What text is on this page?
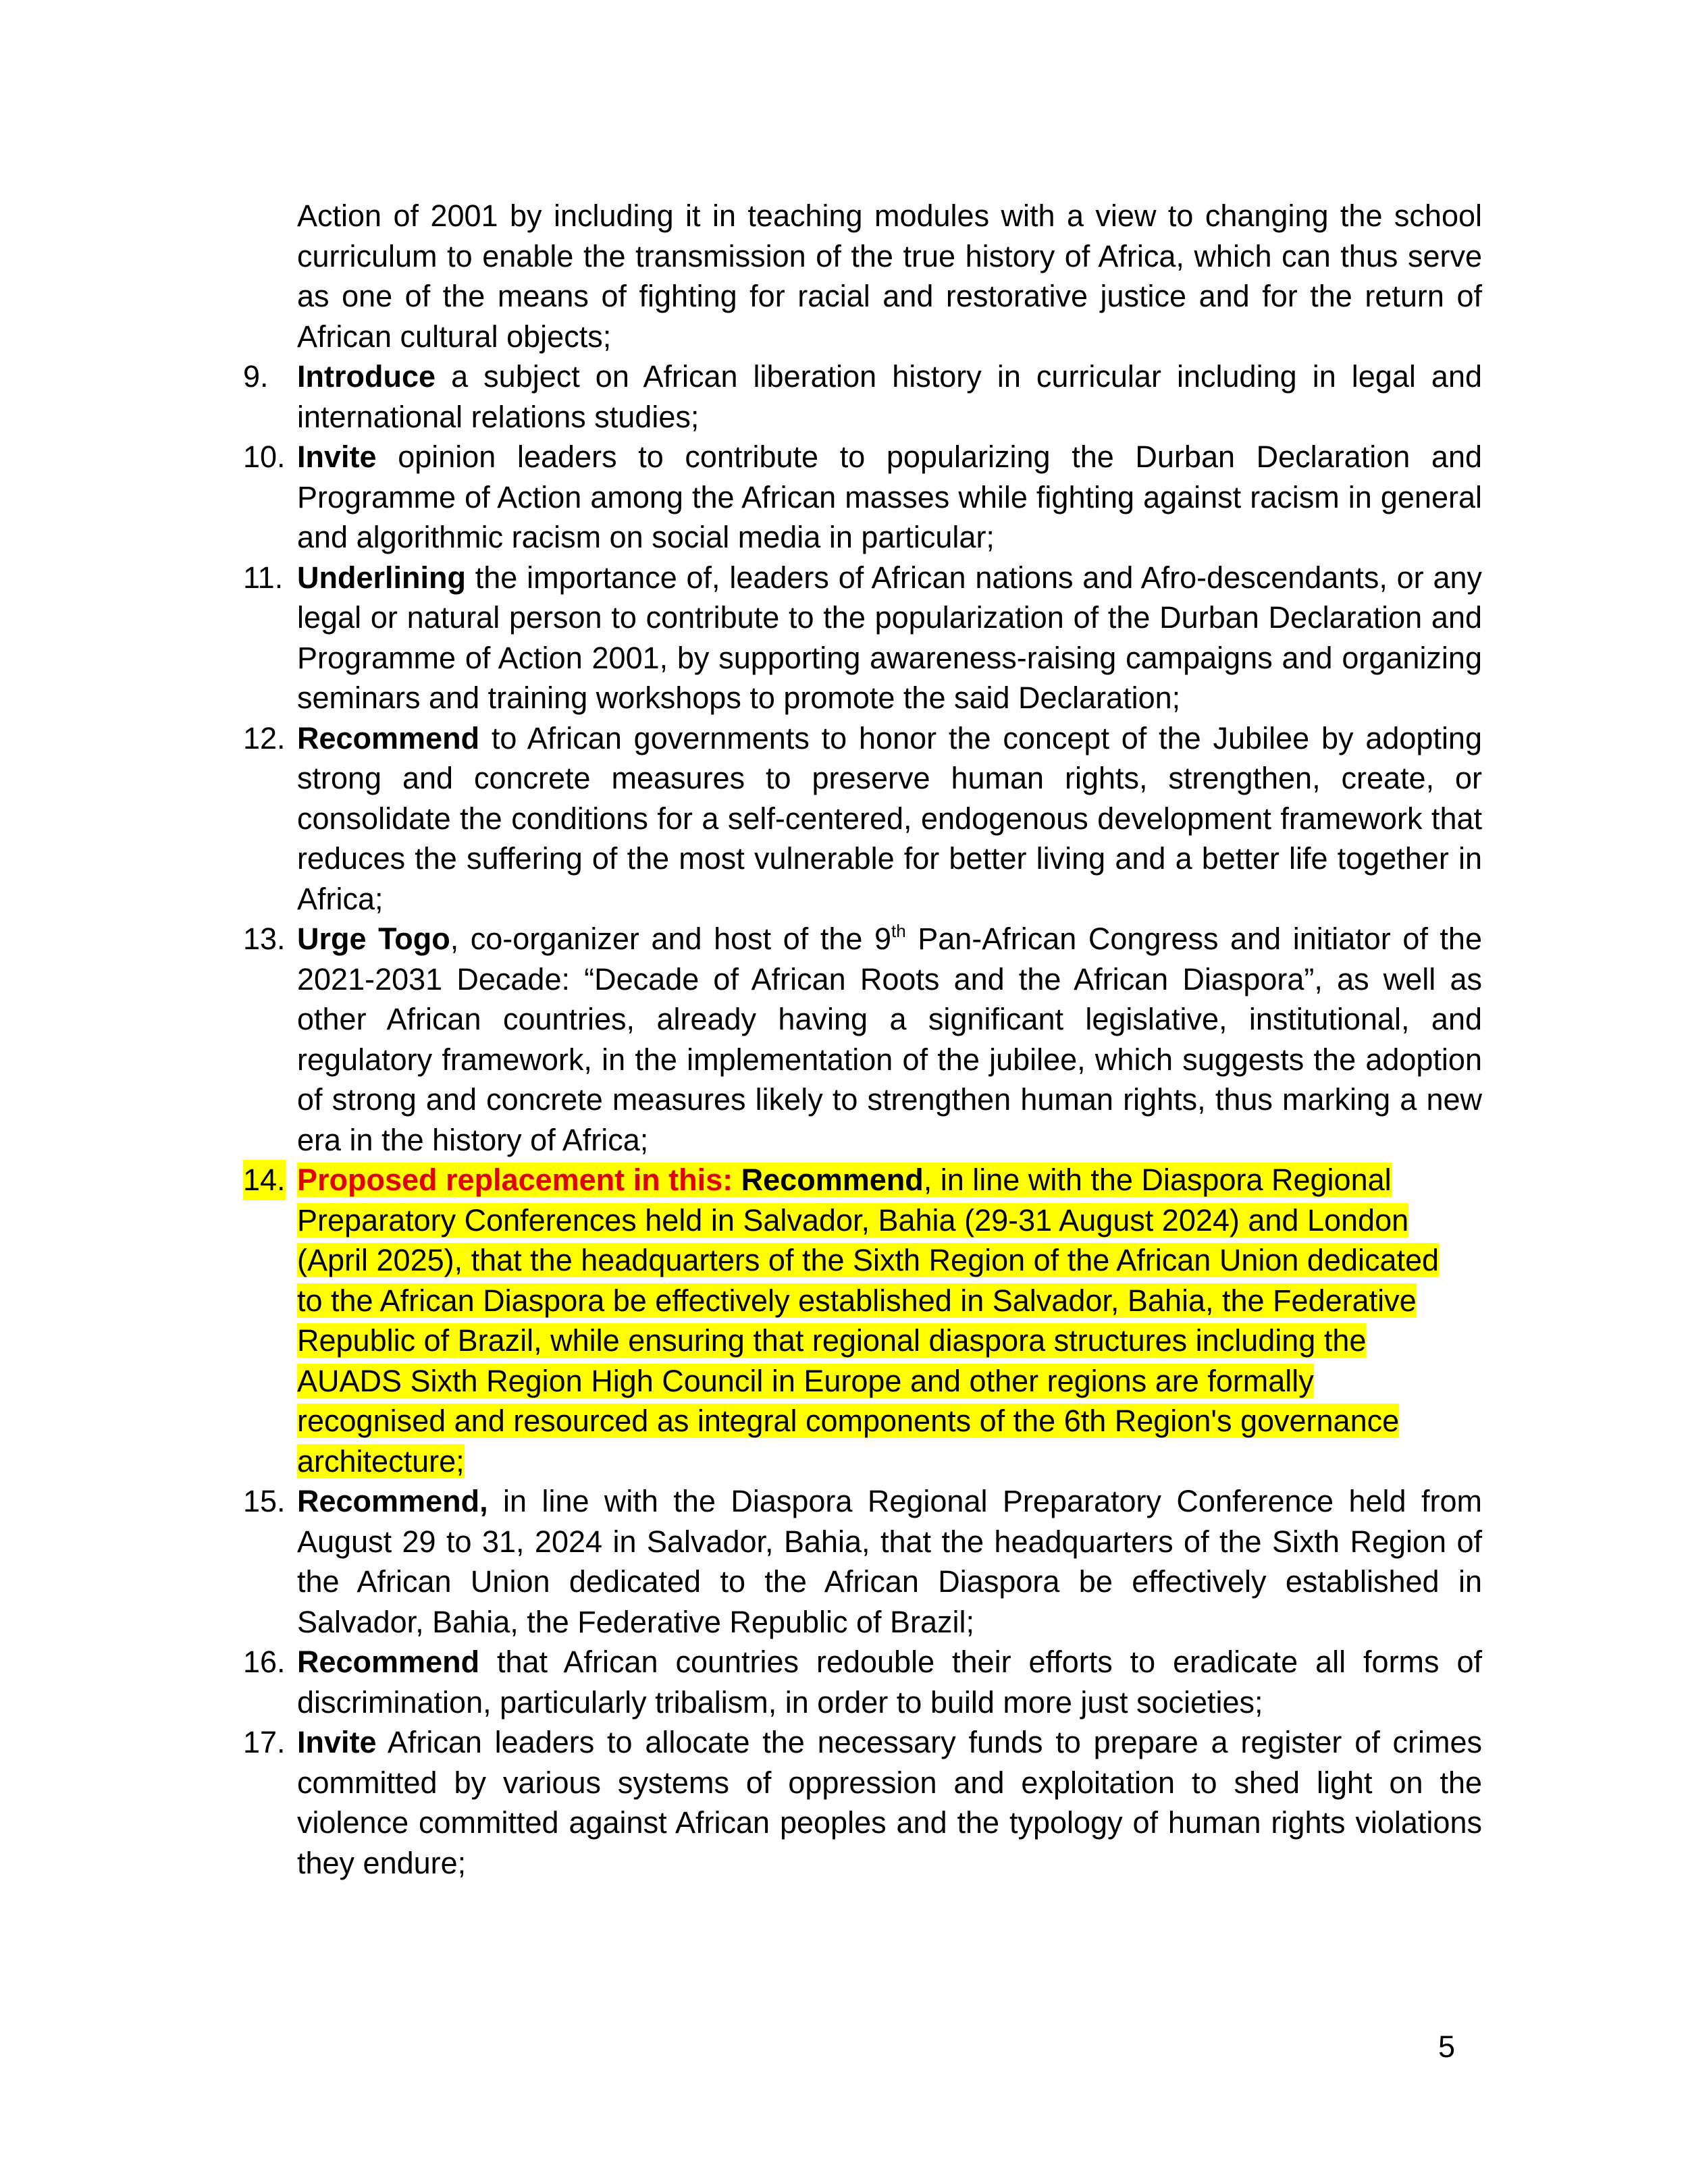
Action of 2001 by including it in teaching modules with a view to changing the school curriculum to enable the transmission of the true history of Africa, which can thus serve as one of the means of fighting for racial and restorative justice and for the return of African cultural objects;

9. Introduce a subject on African liberation history in curricular including in legal and international relations studies;
10. Invite opinion leaders to contribute to popularizing the Durban Declaration and Programme of Action among the African masses while fighting against racism in general and algorithmic racism on social media in particular;
11. Underlining the importance of, leaders of African nations and Afro-descendants, or any legal or natural person to contribute to the popularization of the Durban Declaration and Programme of Action 2001, by supporting awareness-raising campaigns and organizing seminars and training workshops to promote the said Declaration;
12. Recommend to African governments to honor the concept of the Jubilee by adopting strong and concrete measures to preserve human rights, strengthen, create, or consolidate the conditions for a self-centered, endogenous development framework that reduces the suffering of the most vulnerable for better living and a better life together in Africa;
13. Urge Togo, co-organizer and host of the 9th Pan-African Congress and initiator of the 2021-2031 Decade: “Decade of African Roots and the African Diaspora”, as well as other African countries, already having a significant legislative, institutional, and regulatory framework, in the implementation of the jubilee, which suggests the adoption of strong and concrete measures likely to strengthen human rights, thus marking a new era in the history of Africa;
14. Proposed replacement in this: Recommend, in line with the Diaspora Regional Preparatory Conferences held in Salvador, Bahia (29-31 August 2024) and London (April 2025), that the headquarters of the Sixth Region of the African Union dedicated to the African Diaspora be effectively established in Salvador, Bahia, the Federative Republic of Brazil, while ensuring that regional diaspora structures including the AUADS Sixth Region High Council in Europe and other regions are formally recognised and resourced as integral components of the 6th Region's governance architecture;
15. Recommend, in line with the Diaspora Regional Preparatory Conference held from August 29 to 31, 2024 in Salvador, Bahia, that the headquarters of the Sixth Region of the African Union dedicated to the African Diaspora be effectively established in Salvador, Bahia, the Federative Republic of Brazil;
16. Recommend that African countries redouble their efforts to eradicate all forms of discrimination, particularly tribalism, in order to build more just societies;
17. Invite African leaders to allocate the necessary funds to prepare a register of crimes committed by various systems of oppression and exploitation to shed light on the violence committed against African peoples and the typology of human rights violations they endure;
5
